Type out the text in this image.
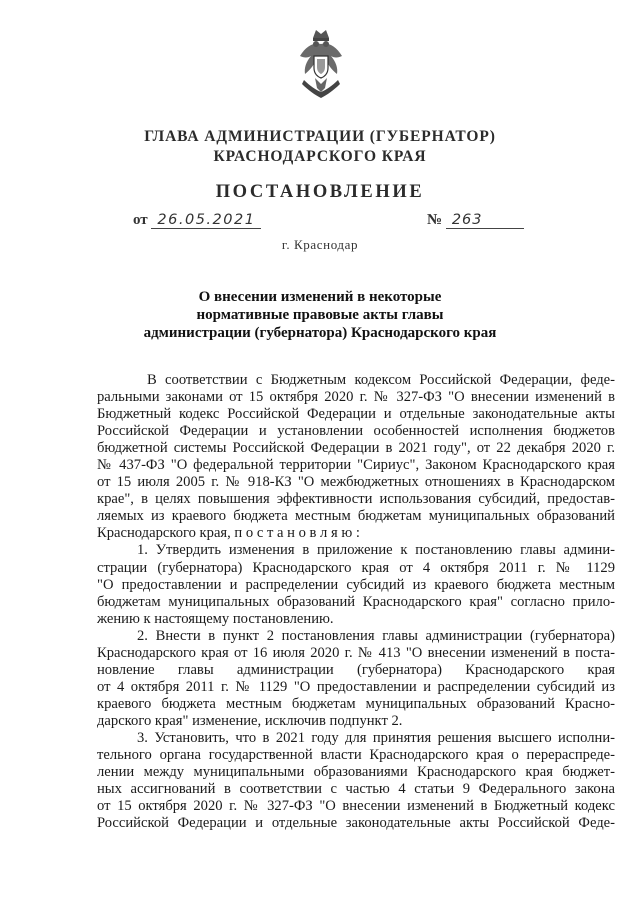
ГЛАВА АДМИНИСТРАЦИИ (ГУБЕРНАТОР)
КРАСНОДАРСКОГО КРАЯ
ПОСТАНОВЛЕНИЕ
от 26.05.2021	№ 263
г. Краснодар
О внесении изменений в некоторые
нормативные правовые акты главы
администрации (губернатора) Краснодарского края
В соответствии с Бюджетным кодексом Российской Федерации, феде-
ральными законами от 15 октября 2020 г. № 327-ФЗ "О внесении изменений в
Бюджетный кодекс Российской Федерации и отдельные законодательные акты
Российской Федерации и установлении особенностей исполнения бюджетов
бюджетной системы Российской Федерации в 2021 году", от 22 декабря 2020 г.
№ 437-ФЗ "О федеральной территории "Сириус", Законом Краснодарского края
от 15 июля 2005 г. № 918-КЗ "О межбюджетных отношениях в Краснодарском
крае", в целях повышения эффективности использования субсидий, предостав-
ляемых из краевого бюджета местным бюджетам муниципальных образований
Краснодарского края, п о с т а н о в л я ю :
1. Утвердить изменения в приложение к постановлению главы админи-
страции (губернатора) Краснодарского края от 4 октября 2011 г. № 1129
"О предоставлении и распределении субсидий из краевого бюджета местным
бюджетам муниципальных образований Краснодарского края" согласно прило-
жению к настоящему постановлению.
2. Внести в пункт 2 постановления главы администрации (губернатора)
Краснодарского края от 16 июля 2020 г. № 413 "О внесении изменений в поста-
новление главы администрации (губернатора) Краснодарского края
от 4 октября 2011 г. № 1129 "О предоставлении и распределении субсидий из
краевого бюджета местным бюджетам муниципальных образований Красно-
дарского края" изменение, исключив подпункт 2.
3. Установить, что в 2021 году для принятия решения высшего исполни-
тельного органа государственной власти Краснодарского края о перераспреде-
лении между муниципальными образованиями Краснодарского края бюджет-
ных ассигнований в соответствии с частью 4 статьи 9 Федерального закона
от 15 октября 2020 г. № 327-ФЗ "О внесении изменений в Бюджетный кодекс
Российской Федерации и отдельные законодательные акты Российской Феде-
